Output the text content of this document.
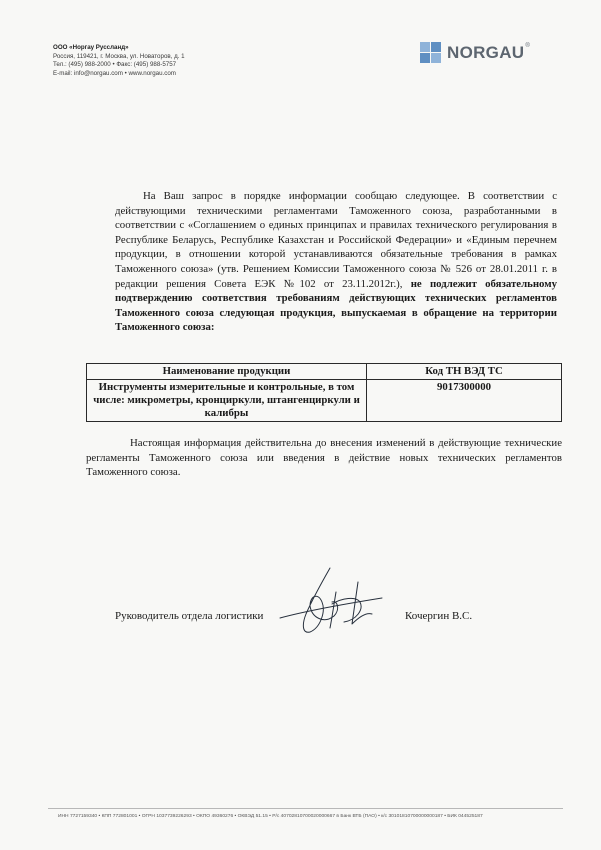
ООО «Норгау Руссланд»
Россия, 119421, г. Москва, ул. Новаторов, д. 1
Тел.: (495) 988-2000 • Факс: (495) 988-5757
E-mail: info@norgau.com • www.norgau.com
NORGAU ®

На Ваш запрос в порядке информации сообщаю следующее. В соответствии с действующими техническими регламентами Таможенного союза, разработанными в соответствии с «Соглашением о единых принципах и правилах технического регулирования в Республике Беларусь, Республике Казахстан и Российской Федерации» и «Единым перечнем продукции, в отношении которой устанавливаются обязательные требования в рамках Таможенного союза» (утв. Решением Комиссии Таможенного союза № 526 от 28.01.2011 г. в редакции решения Совета ЕЭК №102 от 23.11.2012г.), не подлежит обязательному подтверждению соответствия требованиям действующих технических регламентов Таможенного союза следующая продукция, выпускаемая в обращение на территории Таможенного союза:

Наименование продукции	Код ТН ВЭД ТС
Инструменты измерительные и контрольные, в том числе: микрометры, кронциркули, штангенциркули и калибры	9017300000

Настоящая информация действительна до внесения изменений в действующие технические регламенты Таможенного союза или введения в действие новых технических регламентов Таможенного союза.

Руководитель отдела логистики	Кочергин В.С.
ИНН 7727159340 • КПП 772801001 • ОГРН 1037739226293 • ОКПО 49360276 • ОКВЭД 51.15 • Р/с 40702810700020000667 в Банк ВТБ (ПАО) • к/с 30101810700000000187 • БИК 044525187
